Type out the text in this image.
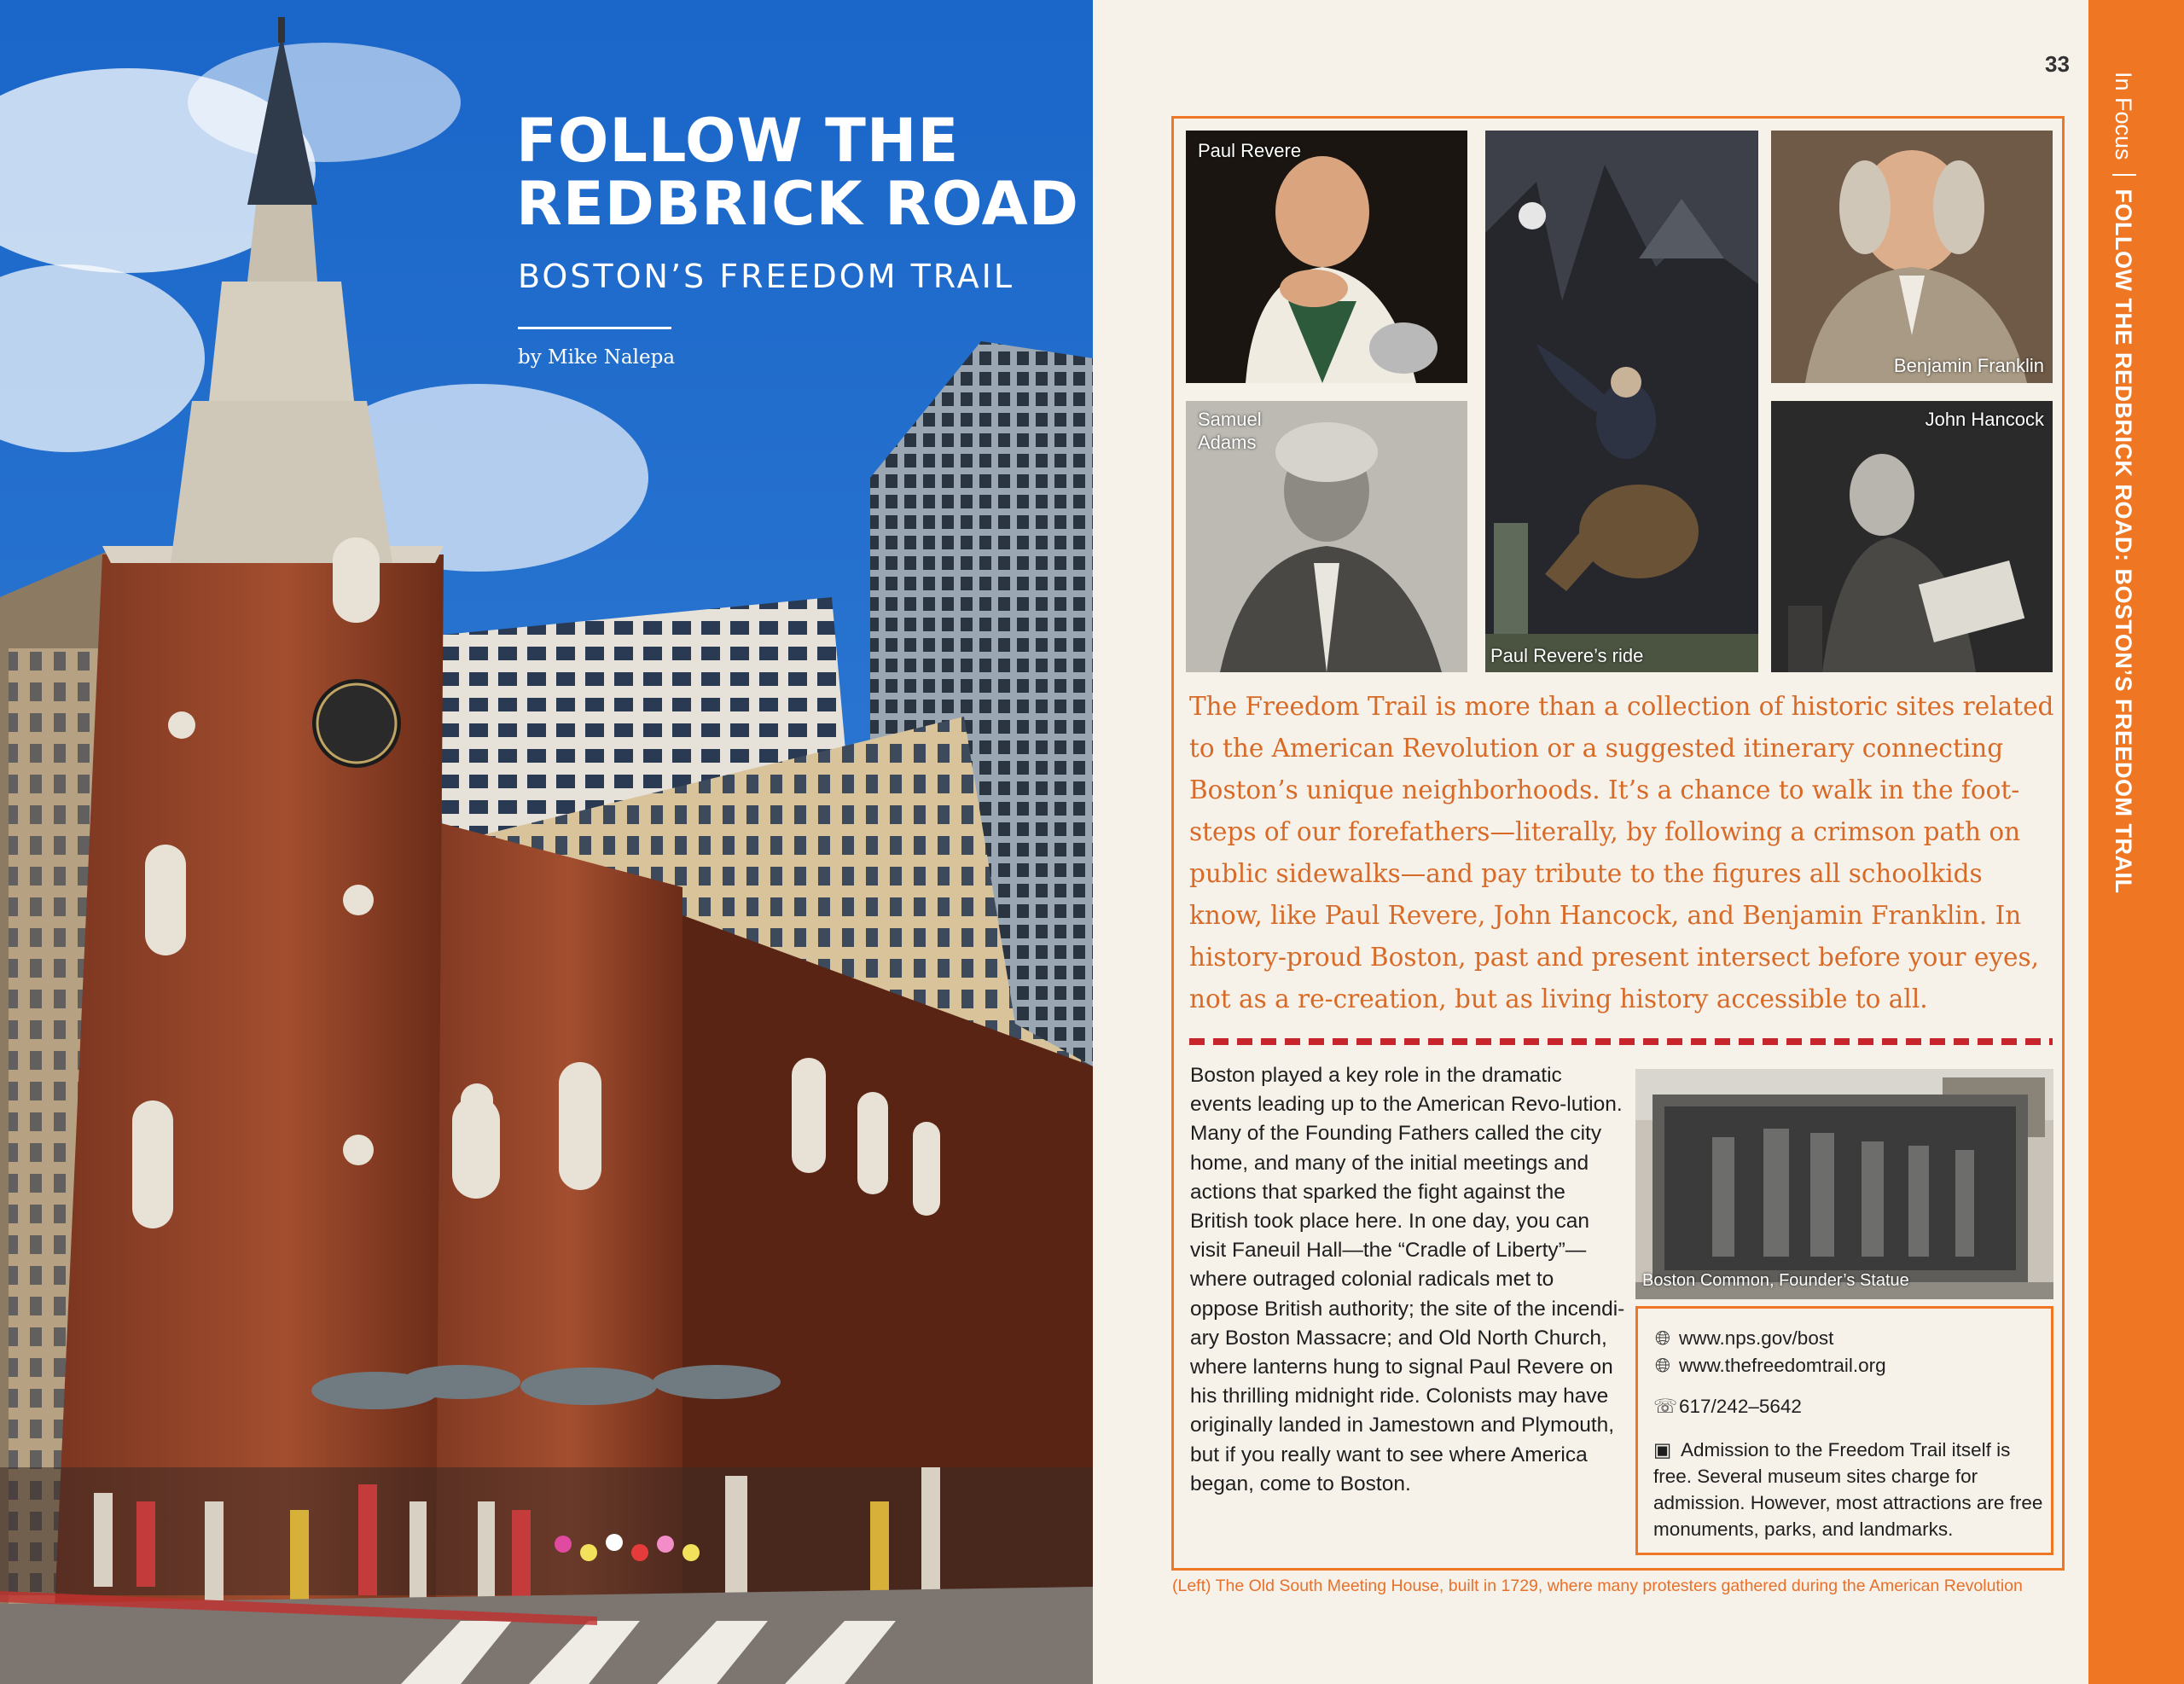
FOLLOW THE
REDBRICK ROAD
BOSTON’S FREEDOM TRAIL
by Mike Nalepa
33
In FocusFOLLOW THE REDBRICK ROAD: BOSTON’S FREEDOM TRAIL
Paul Revere
Samuel
Adams
Paul Revere’s ride
Benjamin Franklin
John Hancock
The Freedom Trail is more than a collection of historic sites related to the American Revolution or a suggested itinerary connecting Boston’s unique neighborhoods. It’s a chance to walk in the foot-steps of our forefathers—literally, by following a crimson path on public sidewalks—and pay tribute to the figures all schoolkids know, like Paul Revere, John Hancock, and Benjamin Franklin. In history-proud Boston, past and present intersect before your eyes, not as a re-creation, but as living history accessible to all.
Boston played a key role in the dramatic events leading up to the American Revo-lution. Many of the Founding Fathers called the city home, and many of the initial meetings and actions that sparked the fight against the British took place here. In one day, you can visit Faneuil Hall—the “Cradle of Liberty”—where outraged colonial radicals met to oppose British authority; the site of the incendi-ary Boston Massacre; and Old North Church, where lanterns hung to signal Paul Revere on his thrilling midnight ride. Colonists may have originally landed in Jamestown and Plymouth, but if you really want to see where America began, come to Boston.
Boston Common, Founder’s Statue
🌐︎ www.nps.gov/bost
🌐︎ www.thefreedomtrail.org
☏617/242–5642
▣ Admission to the Freedom Trail itself is free. Several museum sites charge for admission. However, most attractions are free monuments, parks, and landmarks.
(Left) The Old South Meeting House, built in 1729, where many protesters gathered during the American Revolution
